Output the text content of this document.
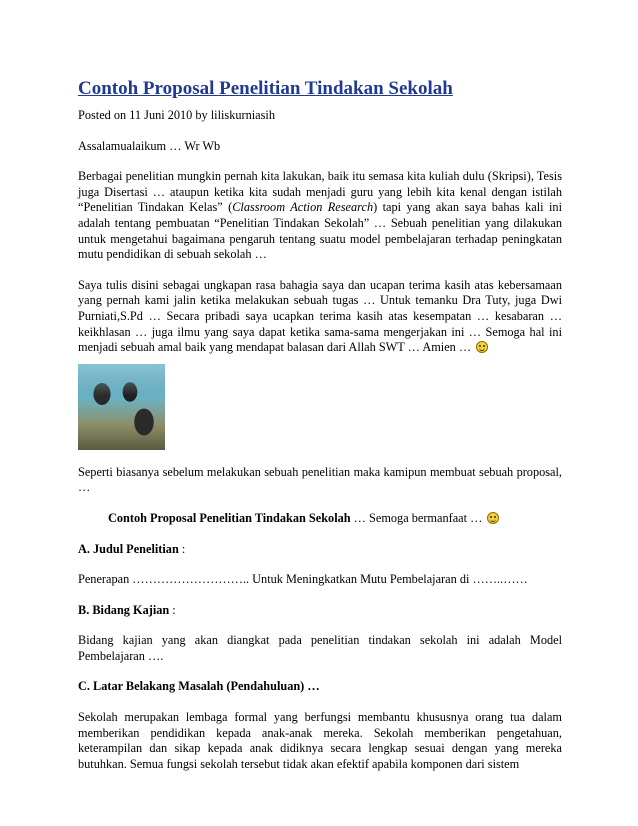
Contoh Proposal Penelitian Tindakan Sekolah

Posted on 11 Juni 2010 by liliskurniasih

Assalamualaikum … Wr Wb

Berbagai penelitian mungkin pernah kita lakukan, baik itu semasa kita kuliah dulu (Skripsi), Tesis juga Disertasi … ataupun ketika kita sudah menjadi guru yang lebih kita kenal dengan istilah “Penelitian Tindakan Kelas” (Classroom Action Research) tapi yang akan saya bahas kali ini adalah tentang pembuatan “Penelitian Tindakan Sekolah” … Sebuah penelitian yang dilakukan untuk mengetahui bagaimana pengaruh tentang suatu model pembelajaran terhadap peningkatan mutu pendidikan di sebuah sekolah …

Saya tulis disini sebagai ungkapan rasa bahagia saya dan ucapan terima kasih atas kebersamaan yang pernah kami jalin ketika melakukan sebuah tugas … Untuk temanku Dra Tuty, juga Dwi Purniati,S.Pd … Secara pribadi saya ucapkan terima kasih atas kesempatan … kesabaran … keikhlasan … juga ilmu yang saya dapat ketika sama-sama mengerjakan ini … Semoga hal ini menjadi sebuah amal baik yang mendapat balasan dari Allah SWT … Amien …

Seperti biasanya sebelum melakukan sebuah penelitian maka kamipun membuat sebuah proposal, …

Contoh Proposal Penelitian Tindakan Sekolah … Semoga bermanfaat …

A. Judul Penelitian :

Penerapan ……………………….. Untuk Meningkatkan Mutu Pembelajaran di ……..……

B. Bidang Kajian :

Bidang kajian yang akan diangkat pada penelitian tindakan sekolah ini adalah Model Pembelajaran ….

C. Latar Belakang Masalah (Pendahuluan) …

Sekolah merupakan lembaga formal yang berfungsi membantu khususnya orang tua dalam memberikan pendidikan kepada anak-anak mereka. Sekolah memberikan pengetahuan, keterampilan dan sikap kepada anak didiknya secara lengkap sesuai dengan yang mereka butuhkan. Semua fungsi sekolah tersebut tidak akan efektif apabila komponen dari sistem
